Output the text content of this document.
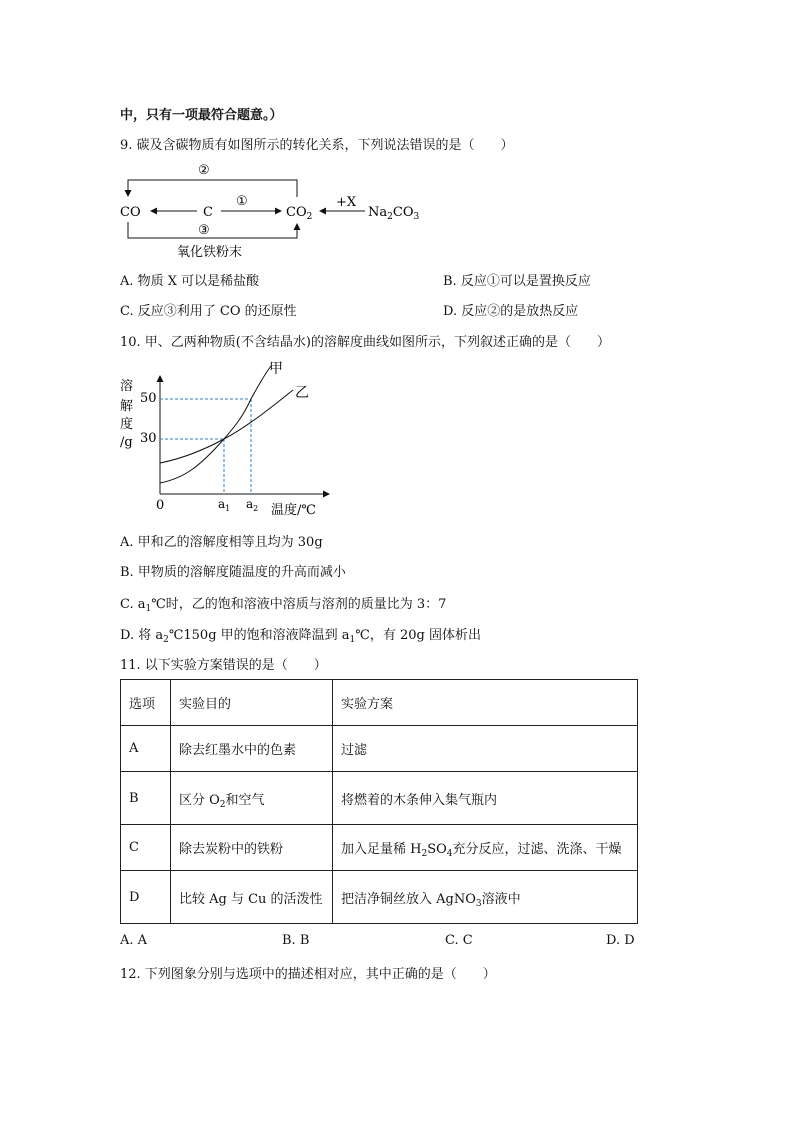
中，只有一项最符合题意。）
9. 碳及含碳物质有如图所示的转化关系，下列说法错误的是（　　）
CO	C	$CO_2$	$Na_2CO_3$
①	+X
②
③
氧化铁粉末
A. 物质 X 可以是稀盐酸	B. 反应①可以是置换反应
C. 反应③利用了 CO 的还原性	D. 反应②的是放热反应
10. 甲、乙两种物质(不含结晶水)的溶解度曲线如图所示，下列叙述正确的是（　　）
溶
解
度
/g
50
30
0
甲
乙
$a_1$ $a_2$ 温度/℃
A. 甲和乙的溶解度相等且均为 30g
B. 甲物质的溶解度随温度的升高而减小
C. $a_1℃$时，乙的饱和溶液中溶质与溶剂的质量比为 3：7
D. 将 $a_2℃150g$ 甲的饱和溶液降温到 $a_1℃$，有 20g 固体析出
11. 以下实验方案错误的是（　　）
选项	实验目的	实验方案
A	除去红墨水中的色素	过滤
B	区分 $O_2$和空气	将燃着的木条伸入集气瓶内
C	除去炭粉中的铁粉	加入足量稀 $H_2SO_4$充分反应，过滤、洗涤、干燥
D	比较 Ag 与 Cu 的活泼性	把洁净铜丝放入 AgNO$_3$溶液中
A. A	B. B	C. C	D. D
12. 下列图象分别与选项中的描述相对应，其中正确的是（　　）
